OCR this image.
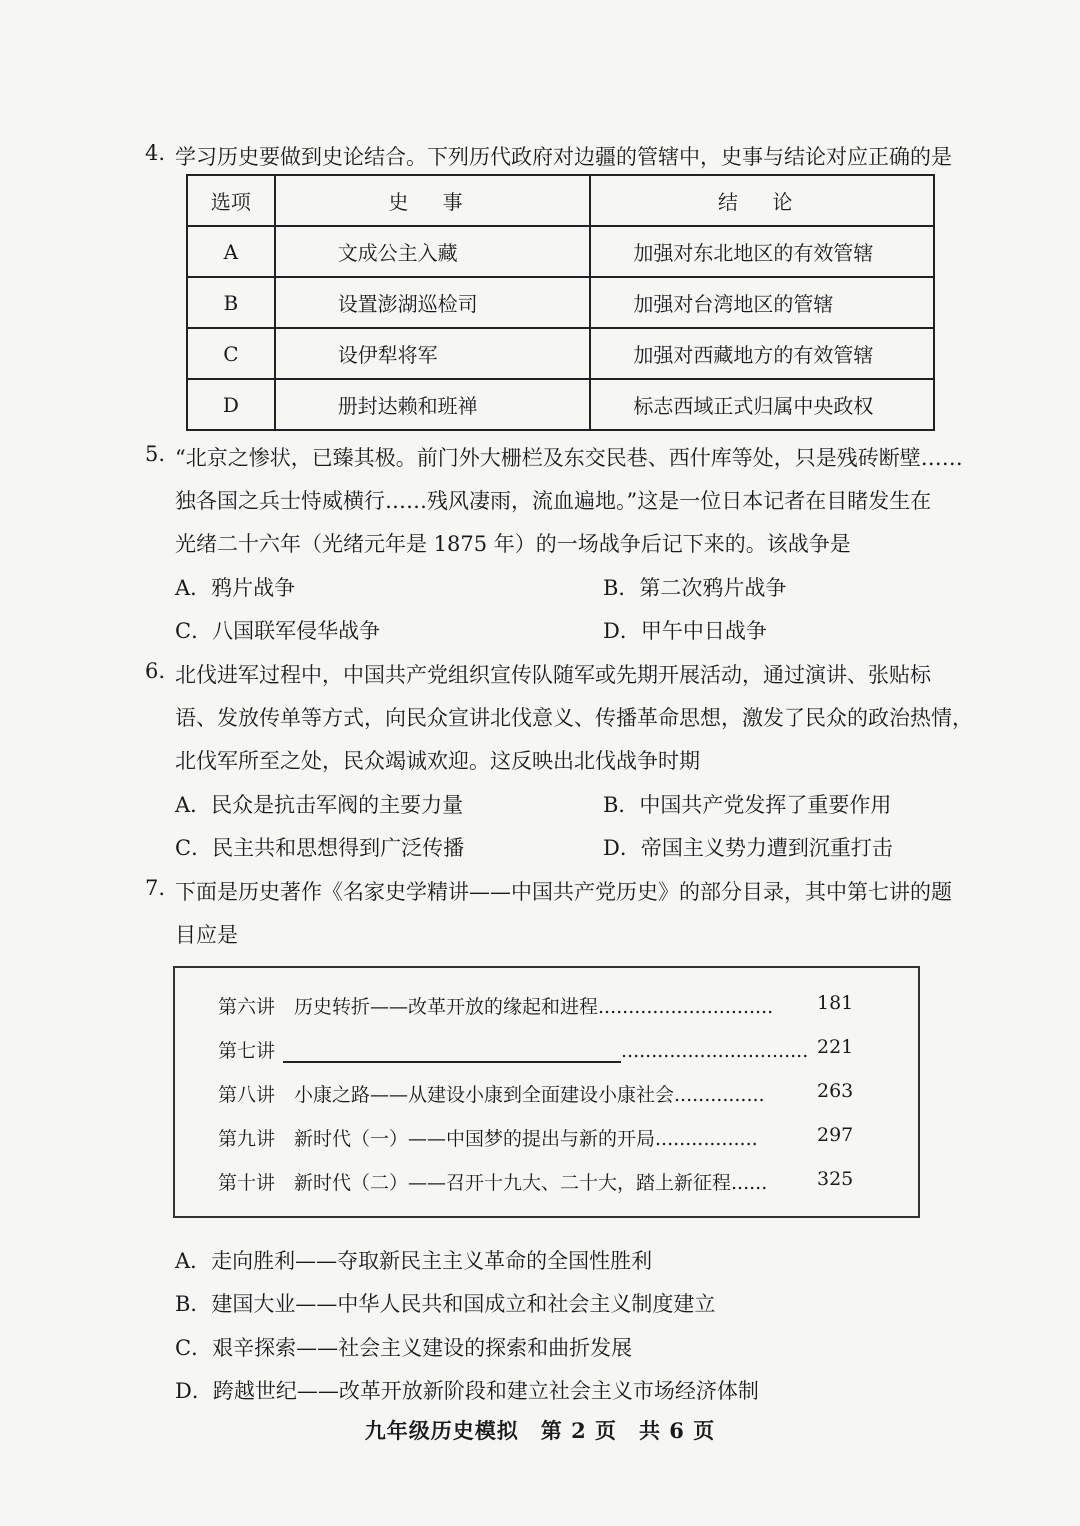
4. 学习历史要做到史论结合。下列历代政府对边疆的管辖中，史事与结论对应正确的是
选项	史 事	结 论
A	文成公主入藏	加强对东北地区的有效管辖
B	设置澎湖巡检司	加强对台湾地区的管辖
C	设伊犁将军	加强对西藏地方的有效管辖
D	册封达赖和班禅	标志西域正式归属中央政权
5. “北京之惨状，已臻其极。前门外大栅栏及东交民巷、西什库等处，只是残砖断壁……
独各国之兵士恃威横行……残风凄雨，流血遍地。”这是一位日本记者在目睹发生在
光绪二十六年（光绪元年是 1875 年）的一场战争后记下来的。该战争是
A．鸦片战争	B．第二次鸦片战争
C．八国联军侵华战争	D．甲午中日战争
6. 北伐进军过程中，中国共产党组织宣传队随军或先期开展活动，通过演讲、张贴标
语、发放传单等方式，向民众宣讲北伐意义、传播革命思想，激发了民众的政治热情，
北伐军所至之处，民众竭诚欢迎。这反映出北伐战争时期
A．民众是抗击军阀的主要力量	B．中国共产党发挥了重要作用
C．民主共和思想得到广泛传播	D．帝国主义势力遭到沉重打击
7. 下面是历史著作《名家史学精讲——中国共产党历史》的部分目录，其中第七讲的题
目应是
第六讲　历史转折——改革开放的缘起和进程............................. 181
第七讲	............................... 221
第八讲　小康之路——从建设小康到全面建设小康社会...............	263
第九讲　新时代（一）——中国梦的提出与新的开局.................	297
第十讲　新时代（二）——召开十九大、二十大，踏上新征程......	325
A．走向胜利——夺取新民主主义革命的全国性胜利
B．建国大业——中华人民共和国成立和社会主义制度建立
C．艰辛探索——社会主义建设的探索和曲折发展
D．跨越世纪——改革开放新阶段和建立社会主义市场经济体制
九年级历史模拟　第 2 页　共 6 页
